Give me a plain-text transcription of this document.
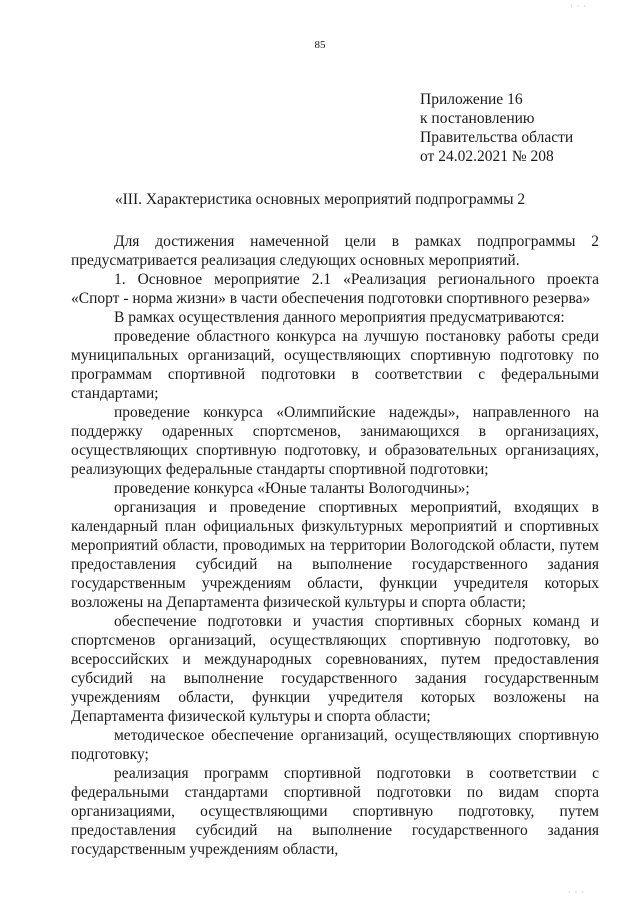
· · ·
85
Приложение 16
к постановлению
Правительства области
от 24.02.2021 № 208
«III. Характеристика основных мероприятий подпрограммы 2

Для достижения намеченной цели в рамках подпрограммы 2 предусматривается реализация следующих основных мероприятий.

1. Основное мероприятие 2.1 «Реализация регионального проекта «Спорт - норма жизни» в части обеспечения подготовки спортивного резерва»

В рамках осуществления данного мероприятия предусматриваются:

проведение областного конкурса на лучшую постановку работы среди муниципальных организаций, осуществляющих спортивную подготовку по программам спортивной подготовки в соответствии с федеральными стандартами;

проведение конкурса «Олимпийские надежды», направленного на поддержку одаренных спортсменов, занимающихся в организациях, осуществляющих спортивную подготовку, и образовательных организациях, реализующих федеральные стандарты спортивной подготовки;

проведение конкурса «Юные таланты Вологодчины»;

организация и проведение спортивных мероприятий, входящих в календарный план официальных физкультурных мероприятий и спортивных мероприятий области, проводимых на территории Вологодской области, путем предоставления субсидий на выполнение государственного задания государственным учреждениям области, функции учредителя которых возложены на Департамента физической культуры и спорта области;

обеспечение подготовки и участия спортивных сборных команд и спортсменов организаций, осуществляющих спортивную подготовку, во всероссийских и международных соревнованиях, путем предоставления субсидий на выполнение государственного задания государственным учреждениям области, функции учредителя которых возложены на Департамента физической культуры и спорта области;

методическое обеспечение организаций, осуществляющих спортивную подготовку;

реализация программ спортивной подготовки в соответствии с федеральными стандартами спортивной подготовки по видам спорта организациями, осуществляющими спортивную подготовку, путем предоставления субсидий на выполнение государственного задания государственным учреждениям области,

· · ·
